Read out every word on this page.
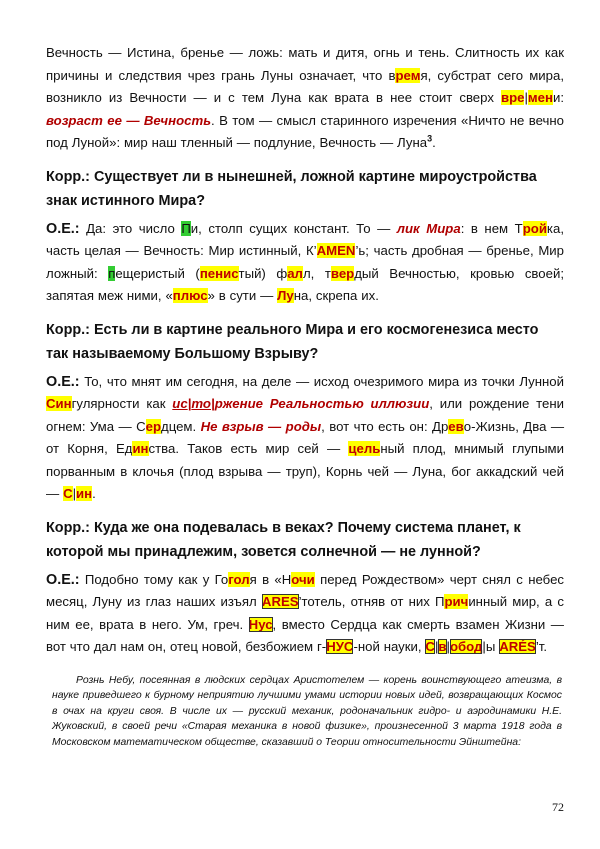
Вечность — Истина, бренье — ложь: мать и дитя, огнь и тень. Слитность их как причины и следствия чрез грань Луны означает, что время, субстрат сего мира, возникло из Вечности — и с тем Луна как врата в нее стоит сверх вре|мени: возраст ее — Вечность. В том — смысл старинного изречения «Ничто не вечно под Луной»: мир наш тленный — подлуние, Вечность — Луна$^3$.

Корр.: Существует ли в нынешней, ложной картине мироустройства знак истинного Мира?

О.Е.: Да: это число Пи, столп сущих констант. То — лик Мира: в нем Тройка, часть целая — Вечность: Мир истинный, К’AMEN’ь; часть дробная — бренье, Мир ложный: пещеристый (пенистый) фалл, твердый Вечностью, кровью своей; запятая меж ними, «плюс» в сути — Луна, скрепа их.

Корр.: Есть ли в картине реального Мира и его космогенезиса место так называемому Большому Взрыву?

О.Е.: То, что мнят им сегодня, на деле — исход очезримого мира из точки Лунной Сингулярности как ис|то|ржение Реальностью иллюзии, или рождение тени огнем: Ума — Сердцем. Не взрыв — роды, вот что есть он: Древо-Жизнь, Два — от Корня, Единства. Таков есть мир сей — цельный плод, мнимый глупыми порванным в клочья (плод взрыва — труп), Корнь чей — Луна, бог аккадский чей — С|ин.

Корр.: Куда же она подевалась в веках? Почему система планет, к которой мы принадлежим, зовется солнечной — не лунной?

О.Е.: Подобно тому как у Гоголя в «Ночи перед Рождеством» черт снял с небес месяц, Луну из глаз наших изъял ARES’тотель, отняв от них Причинный мир, а с ним ее, врата в него. Ум, греч. Нус, вместо Сердца как смерть взамен Жизни — вот что дал нам он, отец новой, безбожием г-НУС-ной науки, С|в|обод|ы ARÉS’т.

Рознь Небу, посеянная в людских сердцах Аристотелем — корень воинствующего атеизма, в науке приведшего к бурному неприятию лучшими умами истории новых идей, возвращающих Космос в очах на круги своя. В числе их — русский механик, родоначальник гидро- и аэродинамики Н.Е. Жуковский, в своей речи «Старая механика в новой физике», произнесенной 3 марта 1918 года в Московском математическом обществе, сказавший о Теории относительности Эйнштейна:

72
